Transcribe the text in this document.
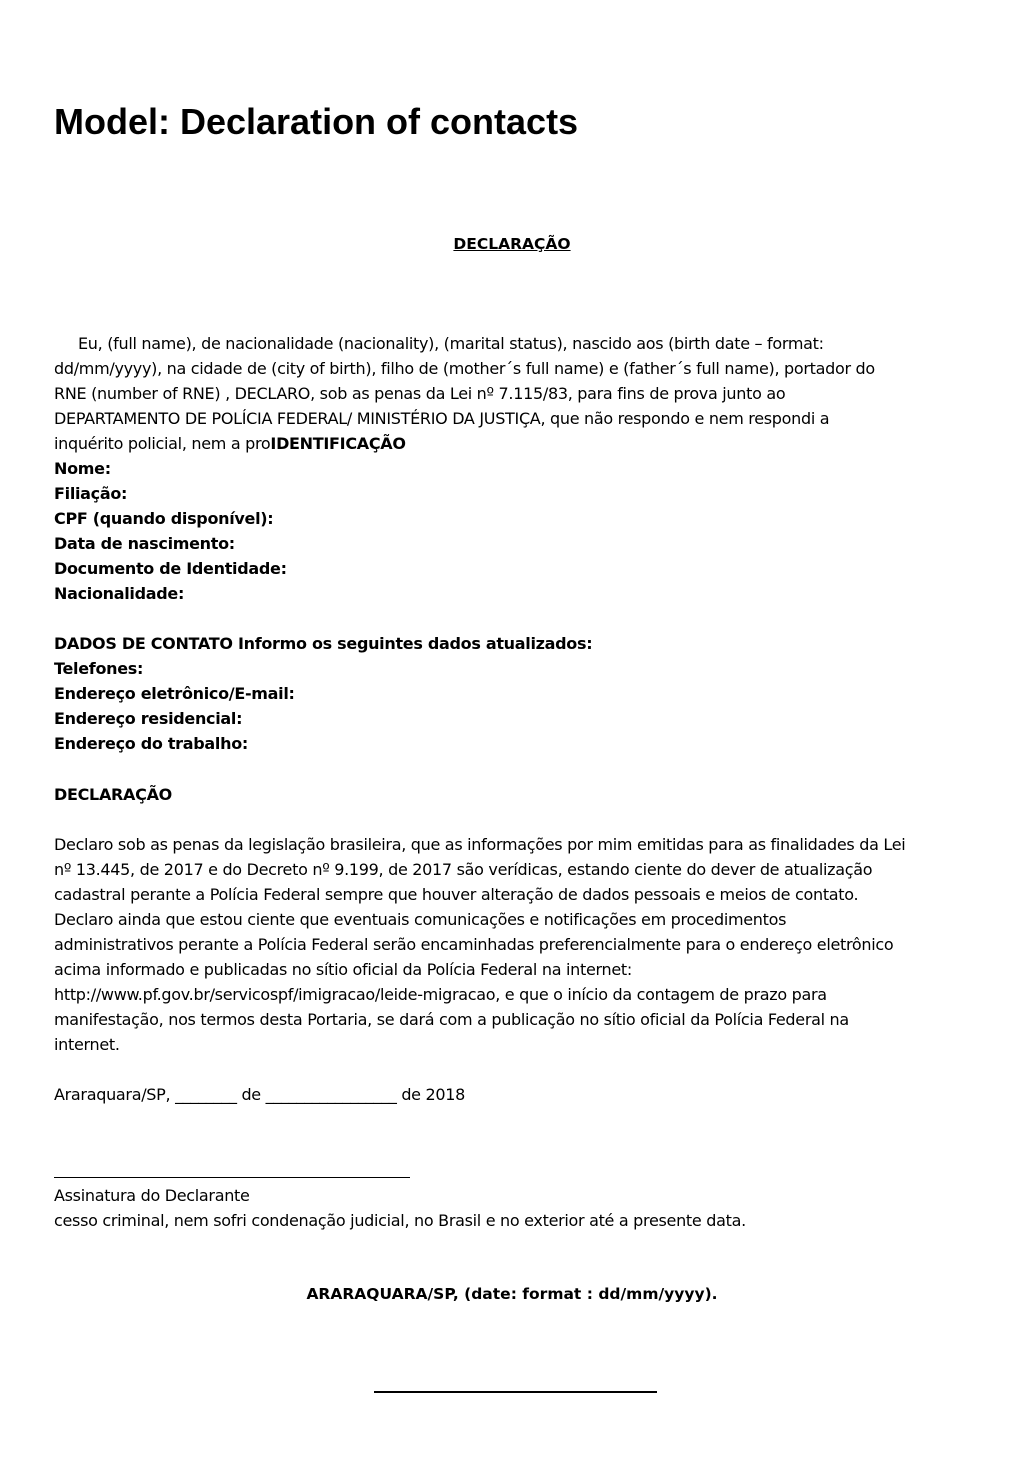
Model: Declaration of contacts
DECLARAÇÃO
Eu, (full name), de nacionalidade (nacionality), (marital status), nascido aos (birth date – format:
dd/mm/yyyy), na cidade de (city of birth), filho de (mother´s full name) e (father´s full name), portador do
RNE (number of RNE) , DECLARO, sob as penas da Lei nº 7.115/83, para fins de prova junto ao
DEPARTAMENTO DE POLÍCIA FEDERAL/ MINISTÉRIO DA JUSTIÇA, que não respondo e nem respondi a
inquérito policial, nem a proIDENTIFICAÇÃO
Nome:
Filiação:
CPF (quando disponível):
Data de nascimento:
Documento de Identidade:
Nacionalidade:
DADOS DE CONTATO Informo os seguintes dados atualizados:
Telefones:
Endereço eletrônico/E-mail:
Endereço residencial:
Endereço do trabalho:
DECLARAÇÃO
Declaro sob as penas da legislação brasileira, que as informações por mim emitidas para as finalidades da Lei
nº 13.445, de 2017 e do Decreto nº 9.199, de 2017 são verídicas, estando ciente do dever de atualização
cadastral perante a Polícia Federal sempre que houver alteração de dados pessoais e meios de contato.
Declaro ainda que estou ciente que eventuais comunicações e notificações em procedimentos
administrativos perante a Polícia Federal serão encaminhadas preferencialmente para o endereço eletrônico
acima informado e publicadas no sítio oficial da Polícia Federal na internet:
http://www.pf.gov.br/servicospf/imigracao/leide-migracao, e que o início da contagem de prazo para
manifestação, nos termos desta Portaria, se dará com a publicação no sítio oficial da Polícia Federal na
internet.
Araraquara/SP, ________ de _________________ de 2018
Assinatura do Declarante
cesso criminal, nem sofri condenação judicial, no Brasil e no exterior até a presente data.
ARARAQUARA/SP, (date: format : dd/mm/yyyy).
